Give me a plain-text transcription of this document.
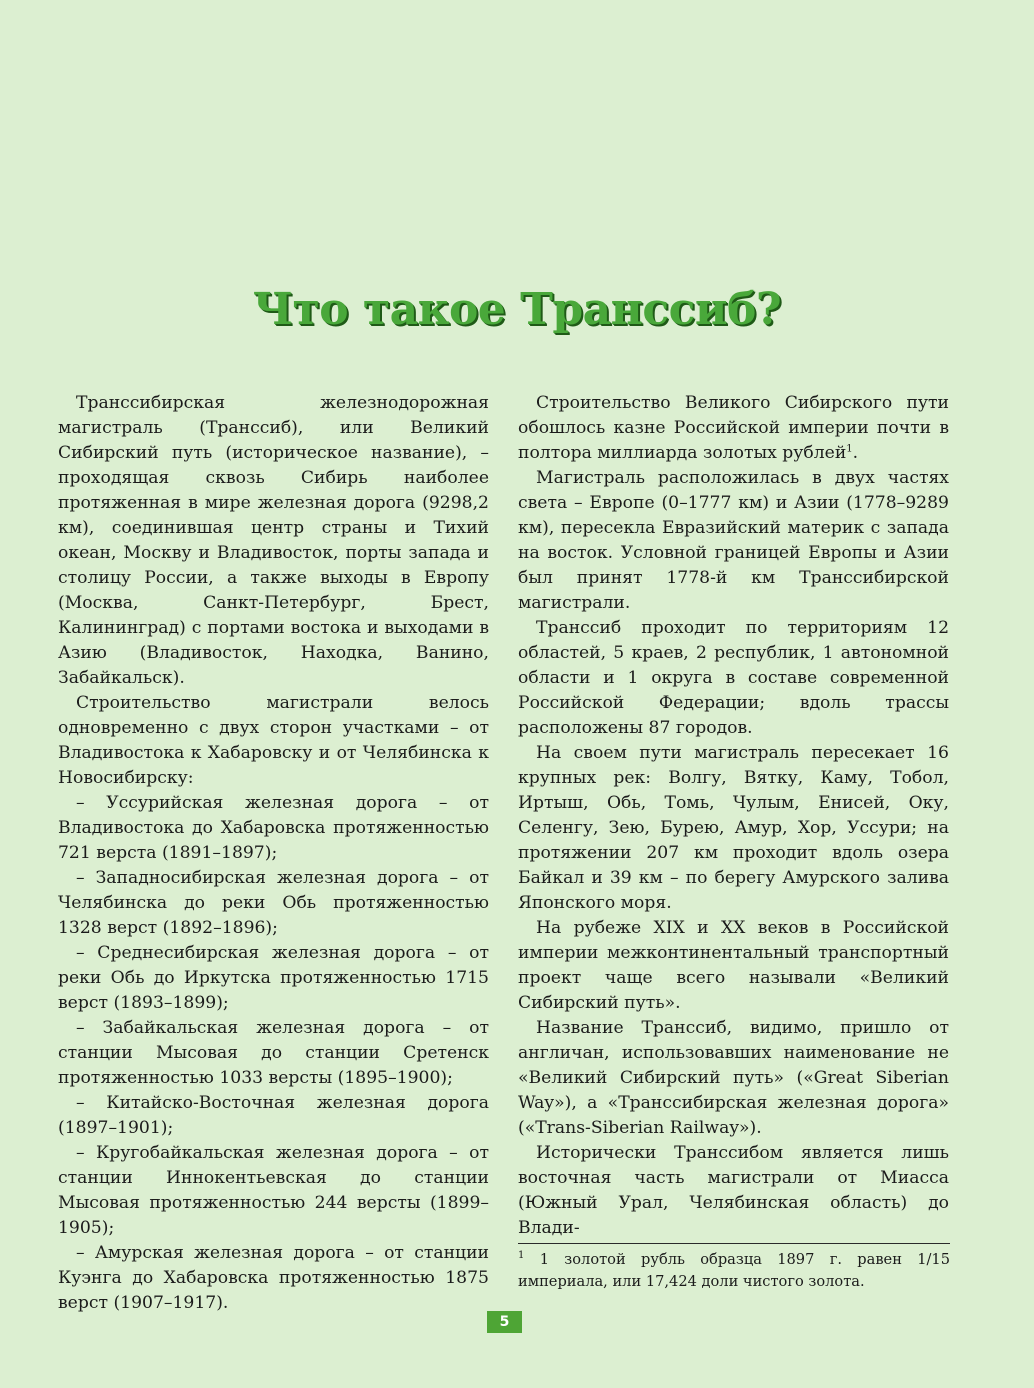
Что такое Транссиб?

Транссибирская железнодорожная магистраль (Транссиб), или Великий Сибирский путь (историческое название), – проходящая сквозь Сибирь наиболее протяженная в мире железная дорога (9298,2 км), соединившая центр страны и Тихий океан, Москву и Владивосток, порты запада и столицу России, а также выходы в Европу (Москва, Санкт-Петербург, Брест, Калининград) с портами востока и выходами в Азию (Владивосток, Находка, Ванино, Забайкальск).

Строительство магистрали велось одновременно с двух сторон участками – от Владивостока к Хабаровску и от Челябинска к Новосибирску:

– Уссурийская железная дорога – от Владивостока до Хабаровска протяженностью 721 верста (1891–1897);

– Западносибирская железная дорога – от Челябинска до реки Обь протяженностью 1328 верст (1892–1896);

– Среднесибирская железная дорога – от реки Обь до Иркутска протяженностью 1715 верст (1893–1899);

– Забайкальская железная дорога – от станции Мысовая до станции Сретенск протяженностью 1033 версты (1895–1900);

– Китайско-Восточная железная дорога (1897–1901);

– Кругобайкальская железная дорога – от станции Иннокентьевская до станции Мысовая протяженностью 244 версты (1899–1905);

– Амурская железная дорога – от станции Куэнга до Хабаровска протяженностью 1875 верст (1907–1917).

Строительство Великого Сибирского пути обошлось казне Российской империи почти в полтора миллиарда золотых рублей$^1$.

Магистраль расположилась в двух частях света – Европе (0–1777 км) и Азии (1778–9289 км), пересекла Евразийский материк с запада на восток. Условной границей Европы и Азии был принят 1778-й км Транссибирской магистрали.

Транссиб проходит по территориям 12 областей, 5 краев, 2 республик, 1 автономной области и 1 округа в составе современной Российской Федерации; вдоль трассы расположены 87 городов.

На своем пути магистраль пересекает 16 крупных рек: Волгу, Вятку, Каму, Тобол, Иртыш, Обь, Томь, Чулым, Енисей, Оку, Селенгу, Зею, Бурею, Амур, Хор, Уссури; на протяжении 207 км проходит вдоль озера Байкал и 39 км – по берегу Амурского залива Японского моря.

На рубеже XIX и XX веков в Российской империи межконтинентальный транспортный проект чаще всего называли «Великий Сибирский путь».

Название Транссиб, видимо, пришло от англичан, использовавших наименование не «Великий Сибирский путь» («Great Siberian Way»), а «Транссибирская железная дорога» («Trans-Siberian Railway»).

Исторически Транссибом является лишь восточная часть магистрали от Миасса (Южный Урал, Челябинская область) до Влади-

$^1$ 1 золотой рубль образца 1897 г. равен 1/15 империала, или 17,424 доли чистого золота.

5
